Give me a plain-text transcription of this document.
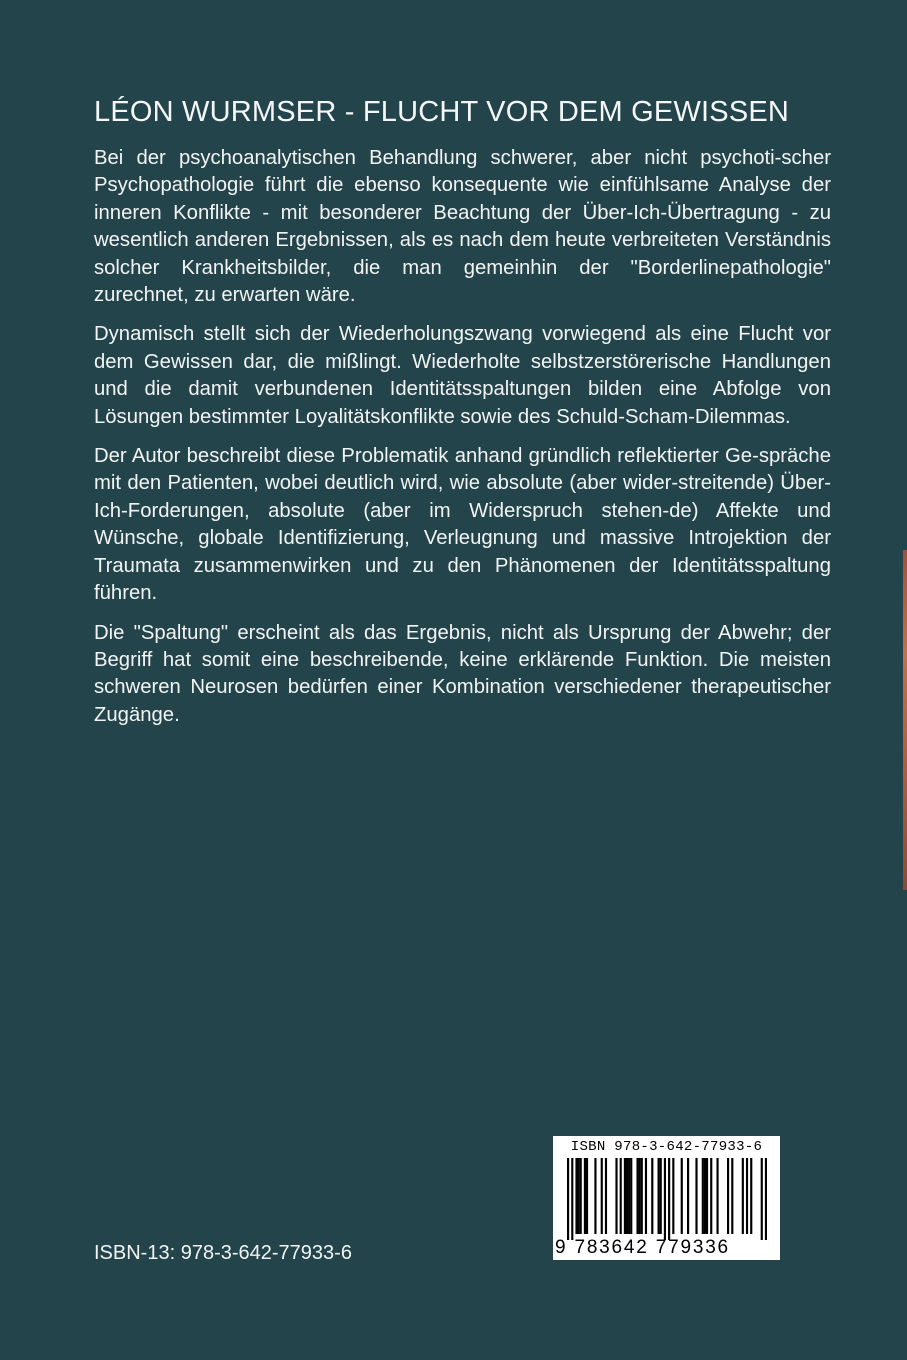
LÉON WURMSER - FLUCHT VOR DEM GEWISSEN

Bei der psychoanalytischen Behandlung schwerer, aber nicht psychoti-scher Psychopathologie führt die ebenso konsequente wie einfühlsame Analyse der inneren Konflikte - mit besonderer Beachtung der Über-Ich-Übertragung - zu wesentlich anderen Ergebnissen, als es nach dem heute verbreiteten Verständnis solcher Krankheitsbilder, die man gemeinhin der "Borderlinepathologie" zurechnet, zu erwarten wäre.

Dynamisch stellt sich der Wiederholungszwang vorwiegend als eine Flucht vor dem Gewissen dar, die mißlingt. Wiederholte selbstzerstörerische Handlungen und die damit verbundenen Identitätsspaltungen bilden eine Abfolge von Lösungen bestimmter Loyalitätskonflikte sowie des Schuld-Scham-Dilemmas.

Der Autor beschreibt diese Problematik anhand gründlich reflektierter Ge-spräche mit den Patienten, wobei deutlich wird, wie absolute (aber wider-streitende) Über-Ich-Forderungen, absolute (aber im Widerspruch stehen-de) Affekte und Wünsche, globale Identifizierung, Verleugnung und massive Introjektion der Traumata zusammenwirken und zu den Phänomenen der Identitätsspaltung führen.

Die "Spaltung" erscheint als das Ergebnis, nicht als Ursprung der Abwehr; der Begriff hat somit eine beschreibende, keine erklärende Funktion. Die meisten schweren Neurosen bedürfen einer Kombination verschiedener therapeutischer Zugänge.

ISBN-13: 978-3-642-77933-6
ISBN 978-3-642-77933-6
9 783642 779336
